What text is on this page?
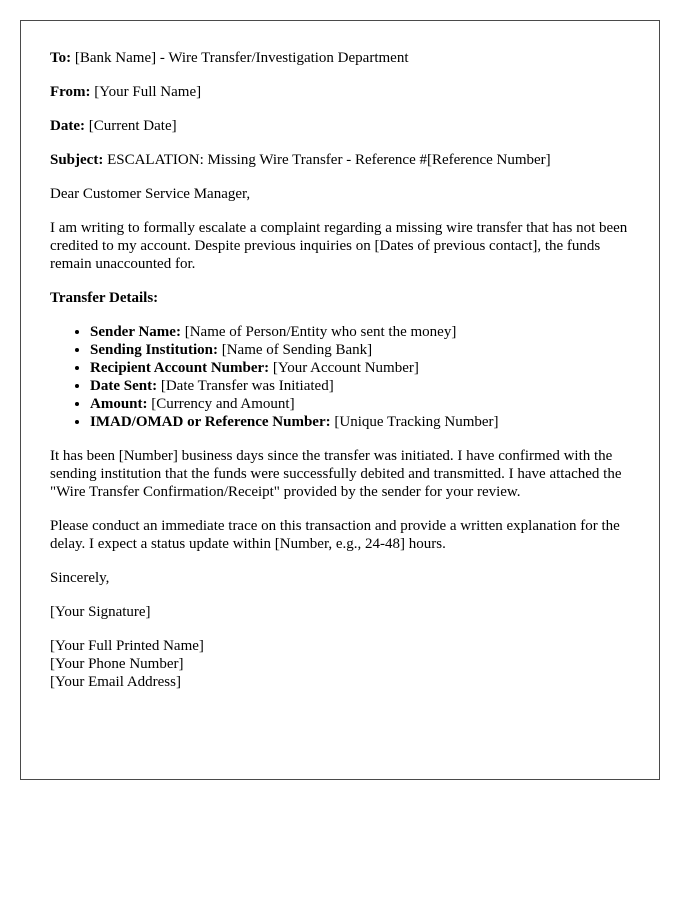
To: [Bank Name] - Wire Transfer/Investigation Department

From: [Your Full Name]

Date: [Current Date]

Subject: ESCALATION: Missing Wire Transfer - Reference #[Reference Number]

Dear Customer Service Manager,

I am writing to formally escalate a complaint regarding a missing wire transfer that has not been credited to my account. Despite previous inquiries on [Dates of previous contact], the funds remain unaccounted for.

Transfer Details:

• Sender Name: [Name of Person/Entity who sent the money]
• Sending Institution: [Name of Sending Bank]
• Recipient Account Number: [Your Account Number]
• Date Sent: [Date Transfer was Initiated]
• Amount: [Currency and Amount]
• IMAD/OMAD or Reference Number: [Unique Tracking Number]

It has been [Number] business days since the transfer was initiated. I have confirmed with the sending institution that the funds were successfully debited and transmitted. I have attached the "Wire Transfer Confirmation/Receipt" provided by the sender for your review.

Please conduct an immediate trace on this transaction and provide a written explanation for the delay. I expect a status update within [Number, e.g., 24-48] hours.

Sincerely,

[Your Signature]

[Your Full Printed Name]
[Your Phone Number]
[Your Email Address]
